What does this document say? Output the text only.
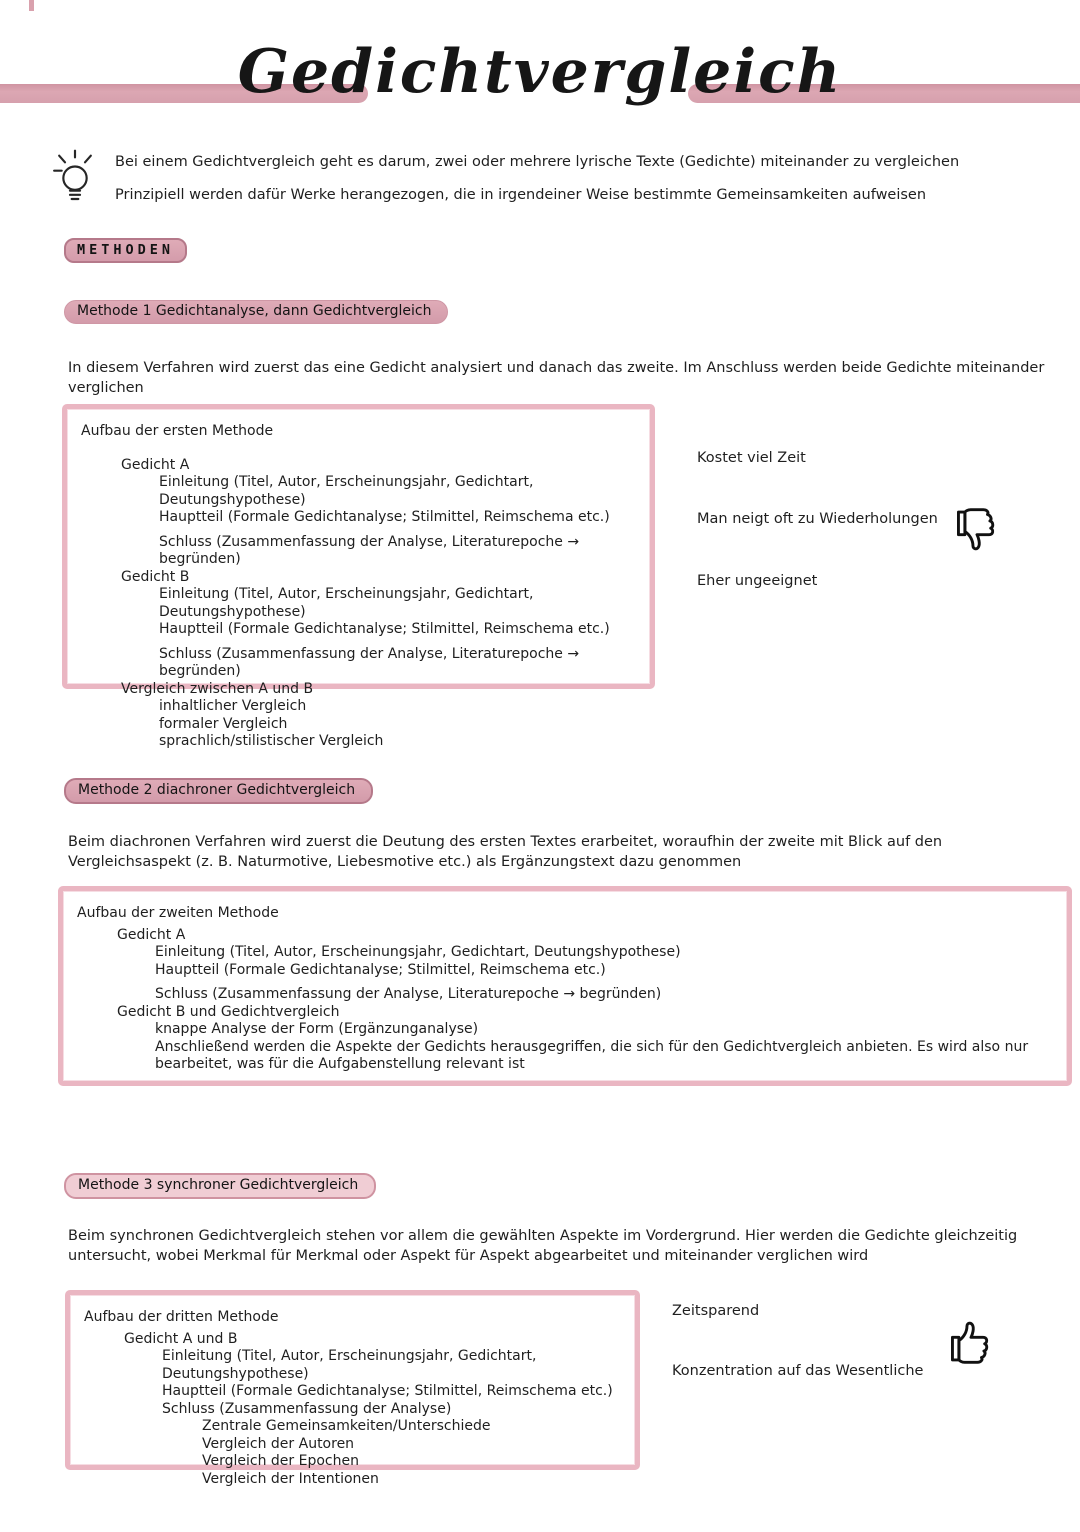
Gedichtvergleich
Bei einem Gedichtvergleich geht es darum, zwei oder mehrere lyrische Texte (Gedichte) miteinander zu vergleichen
Prinzipiell werden dafür Werke herangezogen, die in irgendeiner Weise bestimmte Gemeinsamkeiten aufweisen
METHODEN
Methode 1 Gedichtanalyse, dann Gedichtvergleich
In diesem Verfahren wird zuerst das eine Gedicht analysiert und danach das zweite. Im Anschluss werden beide Gedichte miteinander verglichen
Aufbau der ersten Methode
Gedicht A
Einleitung (Titel, Autor, Erscheinungsjahr, Gedichtart, Deutungshypothese)
Hauptteil (Formale Gedichtanalyse; Stilmittel, Reimschema etc.)
Schluss (Zusammenfassung der Analyse, Literaturepoche → begründen)
Gedicht B
Einleitung (Titel, Autor, Erscheinungsjahr, Gedichtart, Deutungshypothese)
Hauptteil (Formale Gedichtanalyse; Stilmittel, Reimschema etc.)
Schluss (Zusammenfassung der Analyse, Literaturepoche → begründen)
Vergleich zwischen A und B
inhaltlicher Vergleich
formaler Vergleich
sprachlich/stilistischer Vergleich
Kostet viel Zeit
Man neigt oft zu Wiederholungen
Eher ungeeignet
Methode 2 diachroner Gedichtvergleich
Beim diachronen Verfahren wird zuerst die Deutung des ersten Textes erarbeitet, woraufhin der zweite mit Blick auf den Vergleichsaspekt (z. B. Naturmotive, Liebesmotive etc.) als Ergänzungstext dazu genommen
Aufbau der zweiten Methode
Gedicht A
Einleitung (Titel, Autor, Erscheinungsjahr, Gedichtart, Deutungshypothese)
Hauptteil (Formale Gedichtanalyse; Stilmittel, Reimschema etc.)
Schluss (Zusammenfassung der Analyse, Literaturepoche → begründen)
Gedicht B und Gedichtvergleich
knappe Analyse der Form (Ergänzunganalyse)
Anschließend werden die Aspekte der Gedichts herausgegriffen, die sich für den Gedichtvergleich anbieten. Es wird also nur bearbeitet, was für die Aufgabenstellung relevant ist
Methode 3 synchroner Gedichtvergleich
Beim synchronen Gedichtvergleich stehen vor allem die gewählten Aspekte im Vordergrund. Hier werden die Gedichte gleichzeitig untersucht, wobei Merkmal für Merkmal oder Aspekt für Aspekt abgearbeitet und miteinander verglichen wird
Aufbau der dritten Methode
Gedicht A und B
Einleitung (Titel, Autor, Erscheinungsjahr, Gedichtart, Deutungshypothese)
Hauptteil (Formale Gedichtanalyse; Stilmittel, Reimschema etc.)
Schluss (Zusammenfassung der Analyse)
Zentrale Gemeinsamkeiten/Unterschiede
Vergleich der Autoren
Vergleich der Epochen
Vergleich der Intentionen
Zeitsparend
Konzentration auf das Wesentliche
